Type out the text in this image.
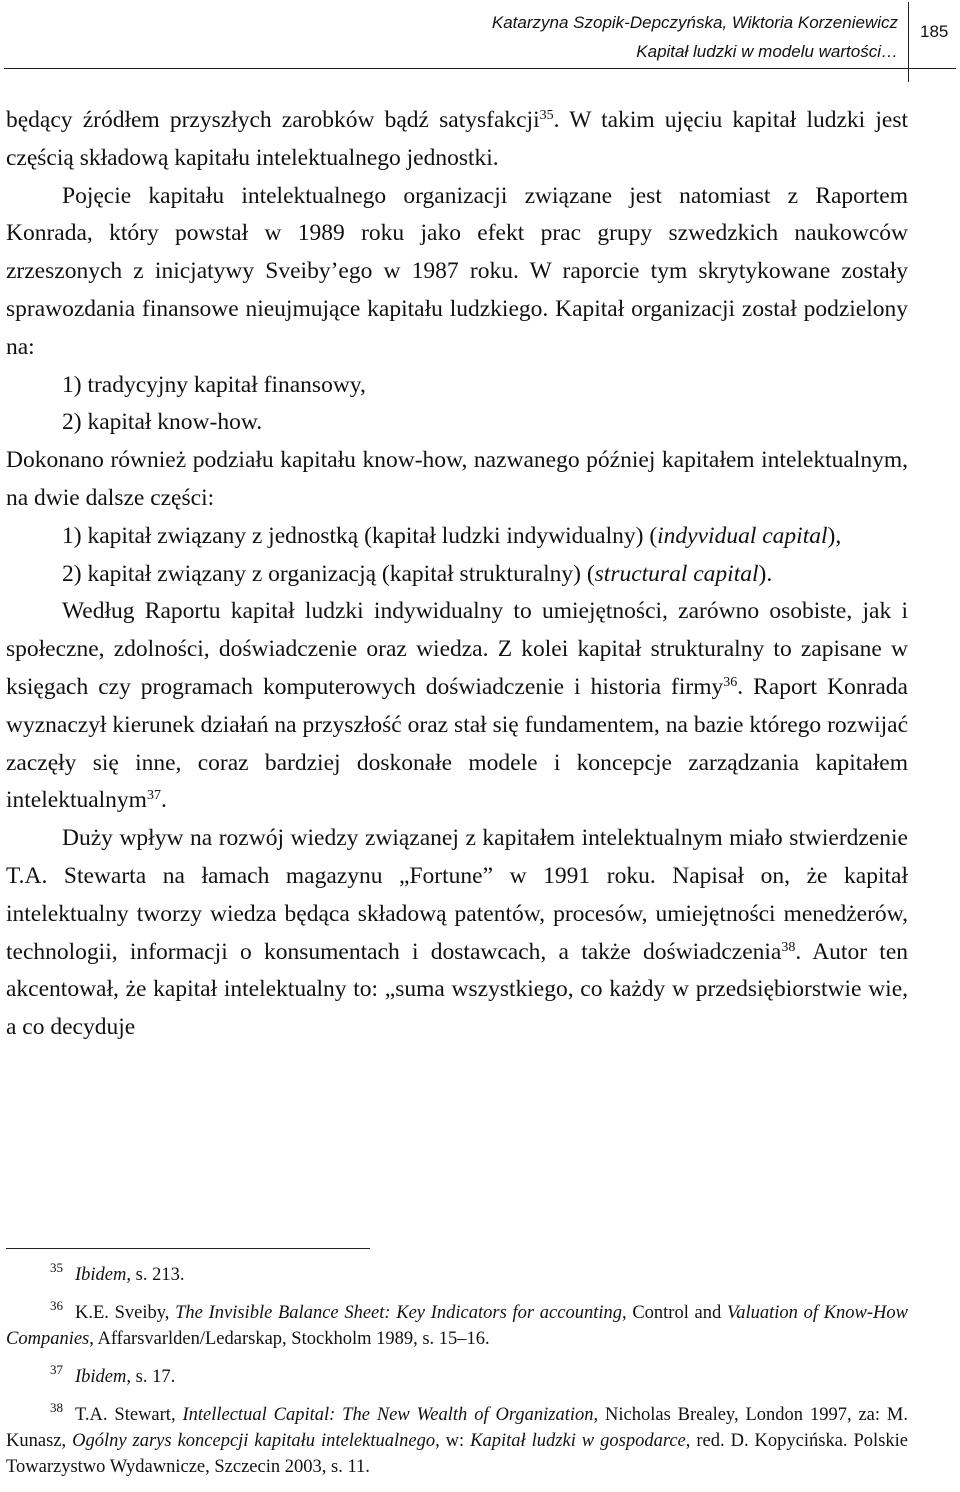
Katarzyna Szopik-Depczyńska, Wiktoria Korzeniewicz
Kapitał ludzki w modelu wartości…
185

będący źródłem przyszłych zarobków bądź satysfakcji$^{35}$. W takim ujęciu kapitał ludzki jest częścią składową kapitału intelektualnego jednostki.

Pojęcie kapitału intelektualnego organizacji związane jest natomiast z Raportem Konrada, który powstał w 1989 roku jako efekt prac grupy szwedzkich naukowców zrzeszonych z inicjatywy Sveiby’ego w 1987 roku. W raporcie tym skrytykowane zostały sprawozdania finansowe nieujmujące kapitału ludzkiego. Kapitał organizacji został podzielony na:

1) tradycyjny kapitał finansowy,
2) kapitał know-how.

Dokonano również podziału kapitału know-how, nazwanego później kapitałem intelektualnym, na dwie dalsze części:

1) kapitał związany z jednostką (kapitał ludzki indywidualny) (indyvidual capital),
2) kapitał związany z organizacją (kapitał strukturalny) (structural capital).

Według Raportu kapitał ludzki indywidualny to umiejętności, zarówno osobiste, jak i społeczne, zdolności, doświadczenie oraz wiedza. Z kolei kapitał strukturalny to zapisane w księgach czy programach komputerowych doświadczenie i historia firmy$^{36}$. Raport Konrada wyznaczył kierunek działań na przyszłość oraz stał się fundamentem, na bazie którego rozwijać zaczęły się inne, coraz bardziej doskonałe modele i koncepcje zarządzania kapitałem intelektualnym$^{37}$.

Duży wpływ na rozwój wiedzy związanej z kapitałem intelektualnym miało stwierdzenie T.A. Stewarta na łamach magazynu „Fortune” w 1991 roku. Napisał on, że kapitał intelektualny tworzy wiedza będąca składową patentów, procesów, umiejętności menedżerów, technologii, informacji o konsumentach i dostawcach, a także doświadczenia$^{38}$. Autor ten akcentował, że kapitał intelektualny to: „suma wszystkiego, co każdy w przedsiębiorstwie wie, a co decyduje

$^{35}$ Ibidem, s. 213.

$^{36}$ K.E. Sveiby, The Invisible Balance Sheet: Key Indicators for accounting, Control and Valuation of Know-How Companies, Affarsvarlden/Ledarskap, Stockholm 1989, s. 15–16.

$^{37}$ Ibidem, s. 17.

$^{38}$ T.A. Stewart, Intellectual Capital: The New Wealth of Organization, Nicholas Brealey, London 1997, za: M. Kunasz, Ogólny zarys koncepcji kapitału intelektualnego, w: Kapitał ludzki w gospodarce, red. D. Kopycińska. Polskie Towarzystwo Wydawnicze, Szczecin 2003, s. 11.
